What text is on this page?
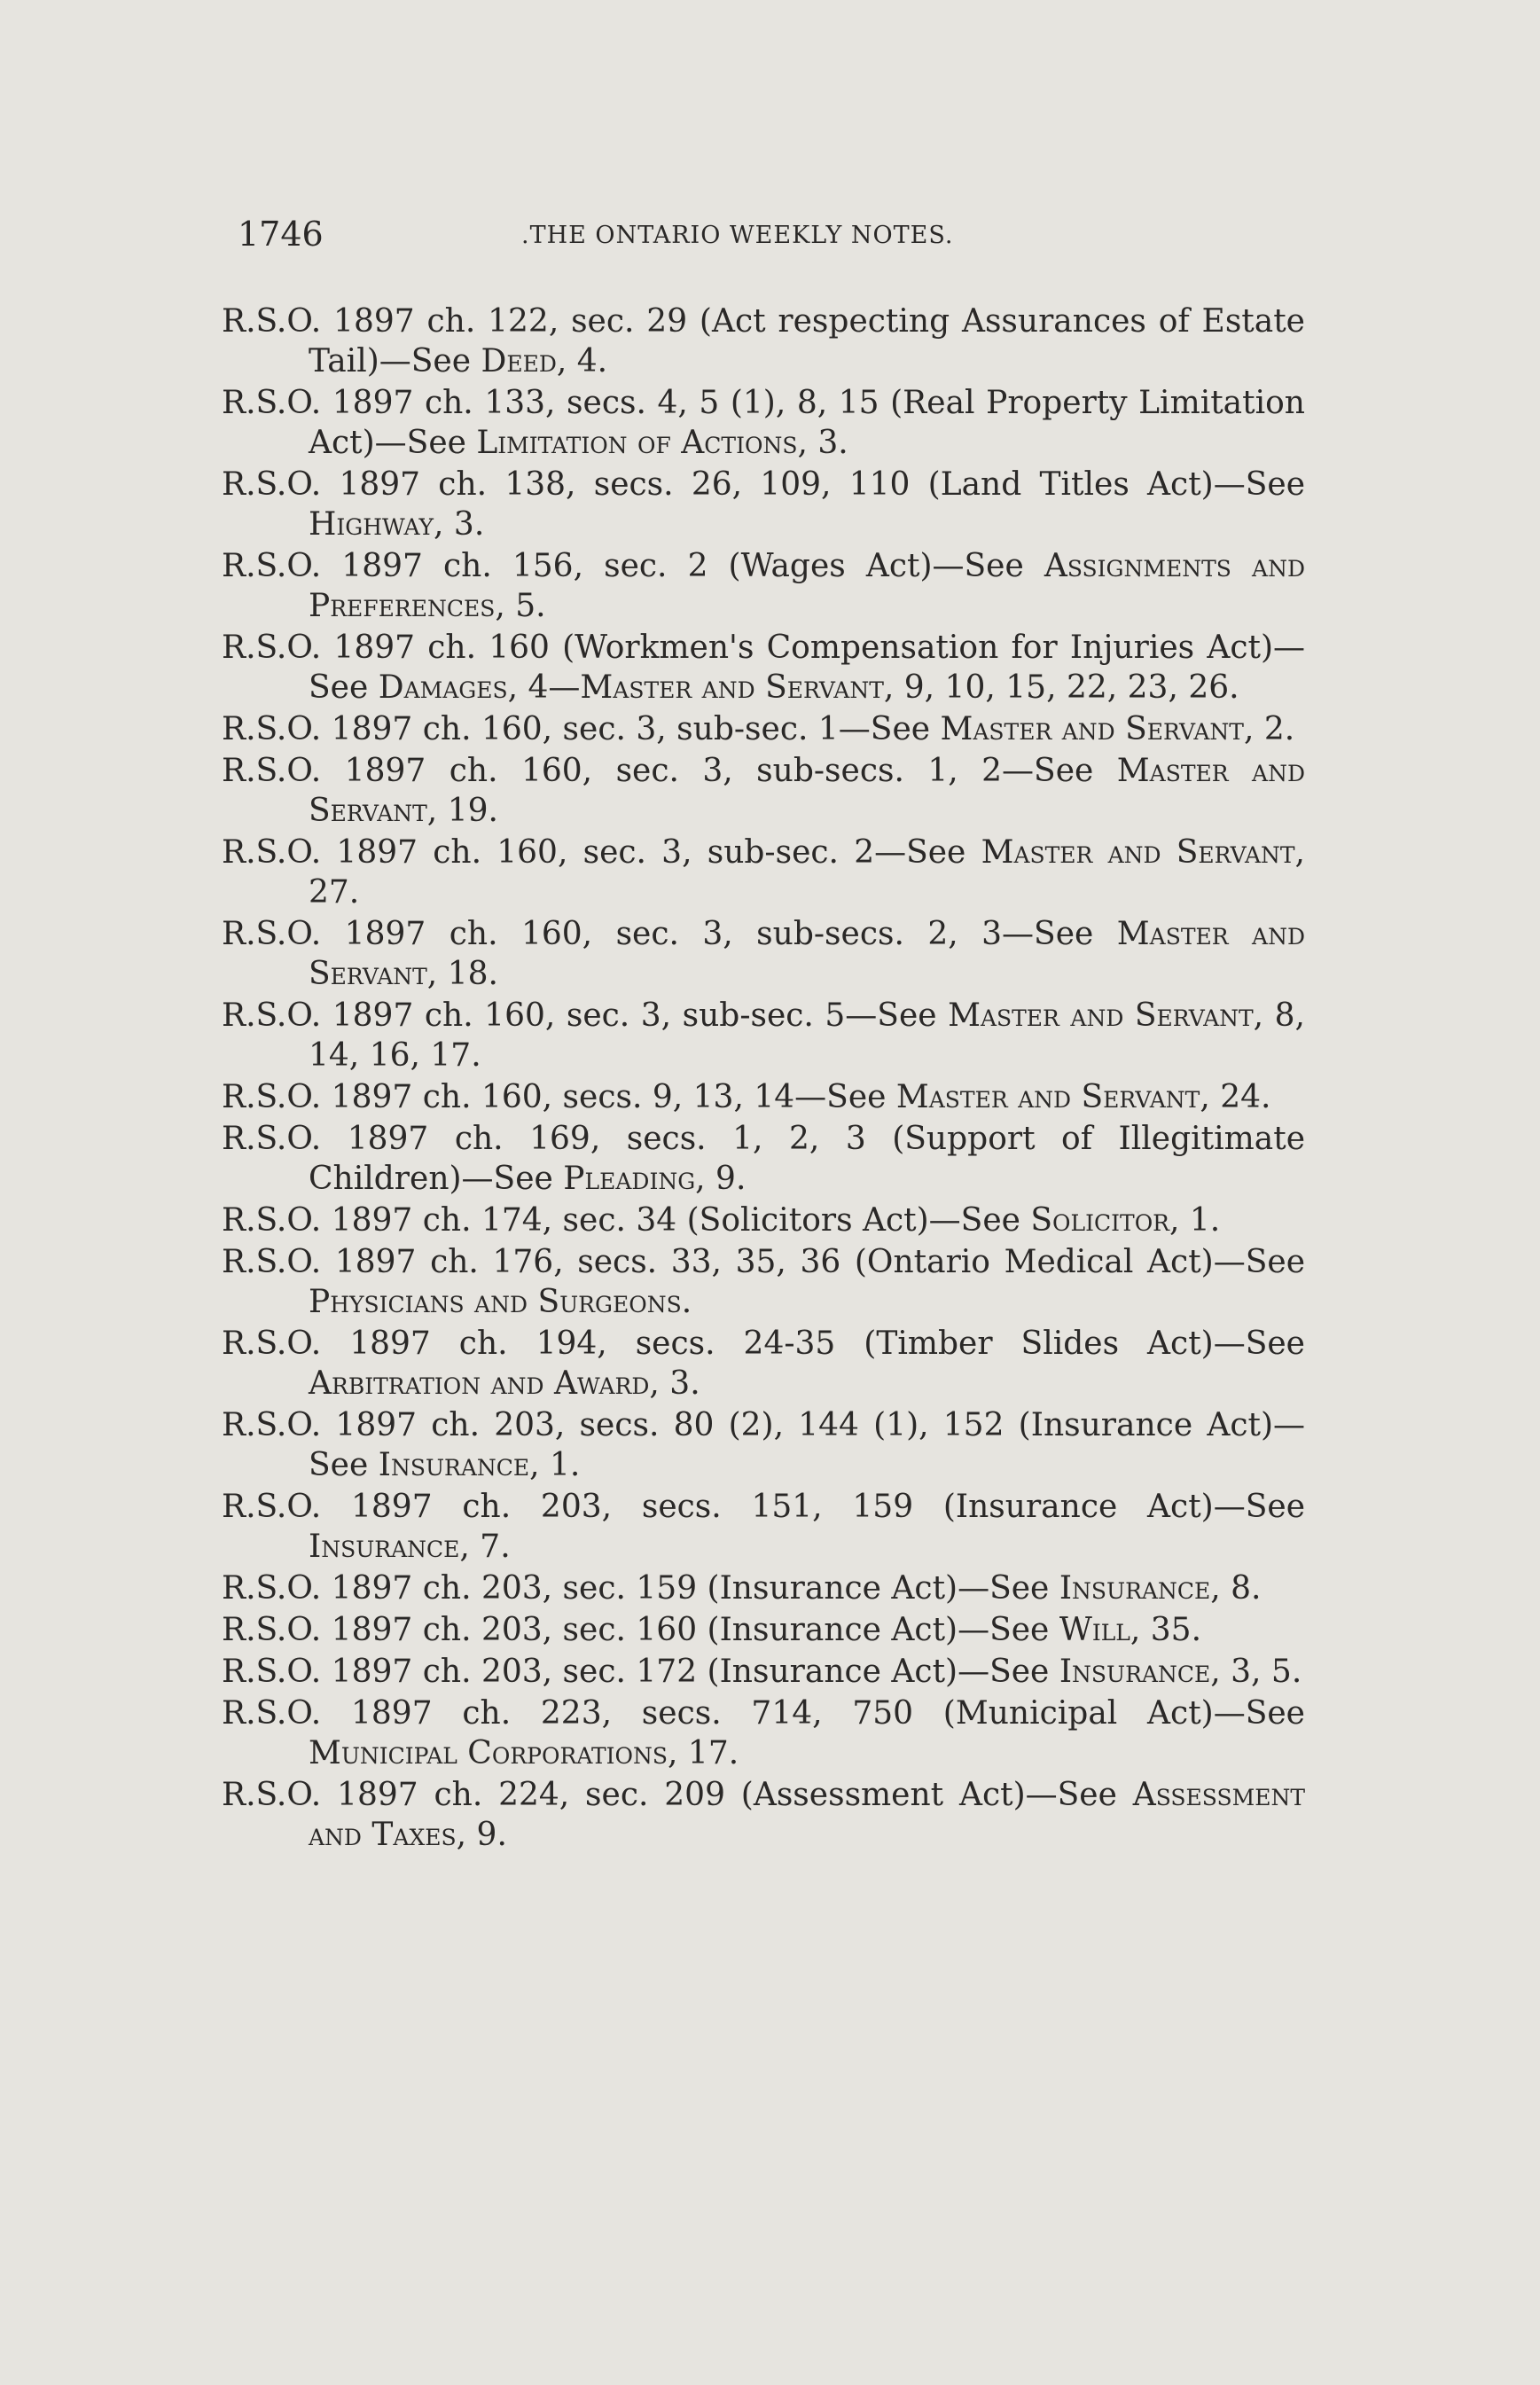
1746	.THE ONTARIO WEEKLY NOTES.

R.S.O. 1897 ch. 122, sec. 29 (Act respecting Assurances of Estate Tail)—See Deed, 4.

R.S.O. 1897 ch. 133, secs. 4, 5 (1), 8, 15 (Real Property Limitation Act)—See Limitation of Actions, 3.

R.S.O. 1897 ch. 138, secs. 26, 109, 110 (Land Titles Act)—See Highway, 3.

R.S.O. 1897 ch. 156, sec. 2 (Wages Act)—See Assignments and Preferences, 5.

R.S.O. 1897 ch. 160 (Workmen's Compensation for Injuries Act)—See Damages, 4—Master and Servant, 9, 10, 15, 22, 23, 26.

R.S.O. 1897 ch. 160, sec. 3, sub-sec. 1—See Master and Servant, 2.

R.S.O. 1897 ch. 160, sec. 3, sub-secs. 1, 2—See Master and Servant, 19.

R.S.O. 1897 ch. 160, sec. 3, sub-sec. 2—See Master and Servant, 27.

R.S.O. 1897 ch. 160, sec. 3, sub-secs. 2, 3—See Master and Servant, 18.

R.S.O. 1897 ch. 160, sec. 3, sub-sec. 5—See Master and Servant, 8, 14, 16, 17.

R.S.O. 1897 ch. 160, secs. 9, 13, 14—See Master and Servant, 24.

R.S.O. 1897 ch. 169, secs. 1, 2, 3 (Support of Illegitimate Children)—See Pleading, 9.

R.S.O. 1897 ch. 174, sec. 34 (Solicitors Act)—See Solicitor, 1.

R.S.O. 1897 ch. 176, secs. 33, 35, 36 (Ontario Medical Act)—See Physicians and Surgeons.

R.S.O. 1897 ch. 194, secs. 24-35 (Timber Slides Act)—See Arbitration and Award, 3.

R.S.O. 1897 ch. 203, secs. 80 (2), 144 (1), 152 (Insurance Act)—See Insurance, 1.

R.S.O. 1897 ch. 203, secs. 151, 159 (Insurance Act)—See Insurance, 7.

R.S.O. 1897 ch. 203, sec. 159 (Insurance Act)—See Insurance, 8.

R.S.O. 1897 ch. 203, sec. 160 (Insurance Act)—See Will, 35.

R.S.O. 1897 ch. 203, sec. 172 (Insurance Act)—See Insurance, 3, 5.

R.S.O. 1897 ch. 223, secs. 714, 750 (Municipal Act)—See Municipal Corporations, 17.

R.S.O. 1897 ch. 224, sec. 209 (Assessment Act)—See Assessment and Taxes, 9.
